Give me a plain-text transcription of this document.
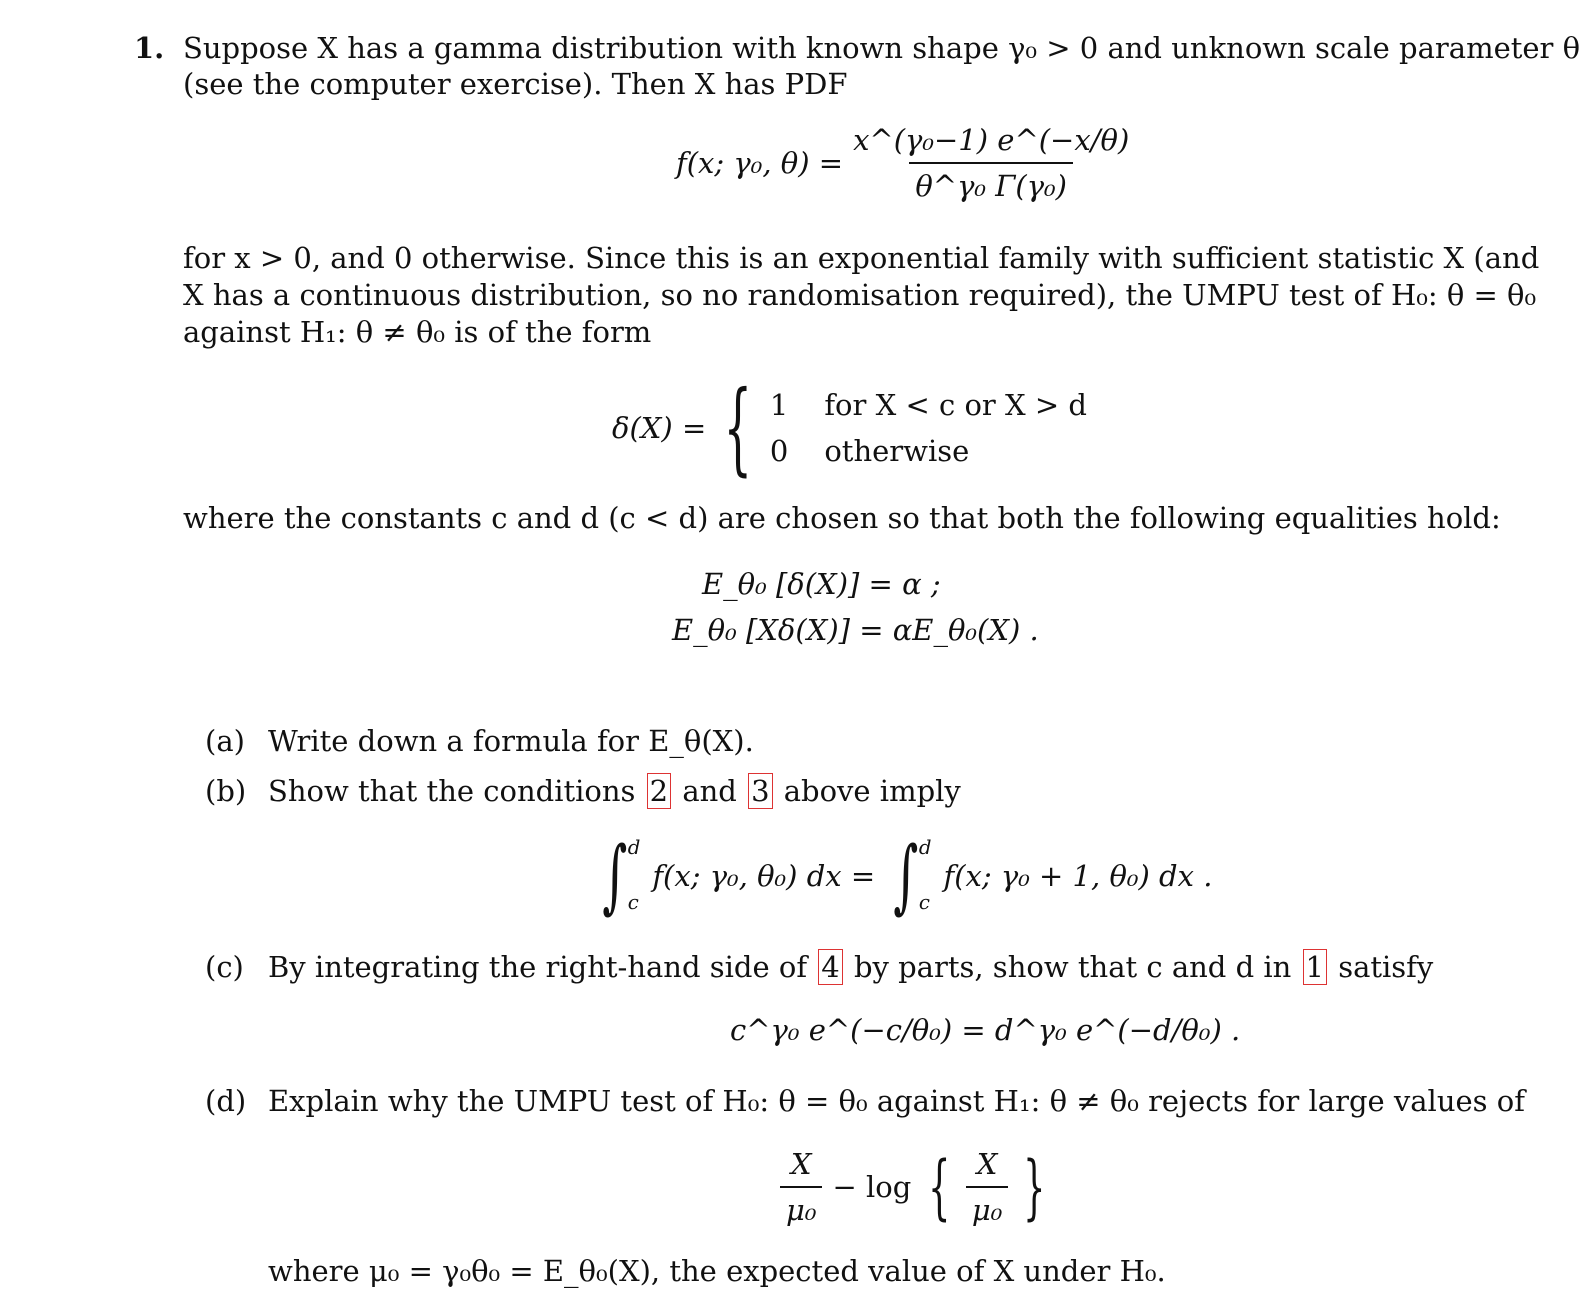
1. Suppose X has a gamma distribution with known shape γ₀ > 0 and unknown scale parameter θ
(see the computer exercise). Then X has PDF
f(x; γ₀, $\theta) = \frac{\text{x\textasciicircum{}(γ₀−1) e\textasciicircum{}(−x/θ)}}{\text{θ\textasciicircum{}γ₀ Γ(γ₀)}}$
for x > 0, and 0 otherwise. Since this is an exponential family with sufficient statistic X (and
X has a continuous distribution, so no randomisation required), the UMPU test of H₀: θ = θ₀
against H₁: θ ≠ θ₀ is of the form
δ(X) = { 1 for X < c or X > d
0 otherwise
where the constants c and d (c < d) are chosen so that both the following equalities hold:
E_θ₀ [δ(X)] = α ;
E_θ₀ [Xδ(X)] = αE_θ₀(X) .
(a) Write down a formula for E_θ(X).
(b) Show that the conditions 2 and 3 above imply
∫ d
c
f(x; γ₀, θ₀) dx = ∫ d
c
f(x; γ₀ + 1, θ₀) dx .
(c) By integrating the right-hand side of 4 by parts, show that c and d in 1 satisfy
c^γ₀ e^(−c/θ₀) = d^γ₀ e^(−d/θ₀) .
(d) Explain why the UMPU test of H₀: θ = θ₀ against H₁: θ ≠ θ₀ rejects for large values of
$\frac{X}{\text{μ₀}} - \log$ { $\frac{X}{\text{μ₀}}$ }
where μ₀ = γ₀θ₀ = E_θ₀(X), the expected value of X under H₀.
